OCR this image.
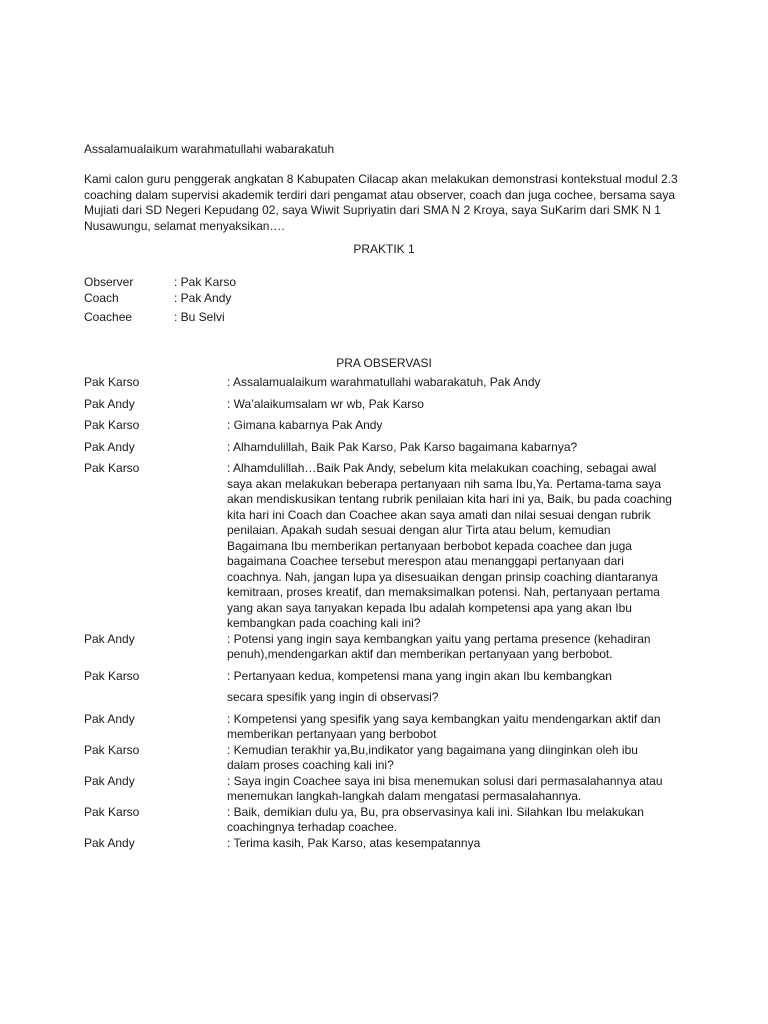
Assalamualaikum warahmatullahi wabarakatuh
Kami calon guru penggerak angkatan 8 Kabupaten Cilacap akan melakukan demonstrasi kontekstual modul 2.3 coaching dalam supervisi akademik terdiri dari pengamat atau observer, coach dan juga cochee, bersama saya Mujiati dari SD Negeri Kepudang 02, saya Wiwit Supriyatin dari SMA N 2 Kroya, saya SuKarim dari SMK N 1 Nusawungu, selamat menyaksikan….
PRAKTIK 1
Observer	: Pak Karso
Coach	: Pak Andy
Coachee	: Bu Selvi
PRA OBSERVASI
Pak Karso	: Assalamualaikum warahmatullahi wabarakatuh, Pak Andy
Pak Andy	: Wa’alaikumsalam wr wb, Pak Karso
Pak Karso	: Gimana kabarnya Pak Andy
Pak Andy	: Alhamdulillah, Baik Pak Karso, Pak Karso bagaimana kabarnya?
Pak Karso	: Alhamdulillah…Baik Pak Andy, sebelum kita melakukan coaching, sebagai awal saya akan melakukan beberapa pertanyaan nih sama Ibu,Ya. Pertama-tama saya akan mendiskusikan tentang rubrik penilaian kita hari ini ya, Baik, bu pada coaching kita hari ini Coach dan Coachee akan saya amati dan nilai sesuai dengan rubrik penilaian. Apakah sudah sesuai dengan alur Tirta atau belum, kemudian Bagaimana Ibu memberikan pertanyaan berbobot kepada coachee dan juga bagaimana Coachee tersebut merespon atau menanggapi pertanyaan dari coachnya. Nah, jangan lupa ya disesuaikan dengan prinsip coaching diantaranya kemitraan, proses kreatif, dan memaksimalkan potensi. Nah, pertanyaan pertama yang akan saya tanyakan kepada Ibu adalah kompetensi apa yang akan Ibu kembangkan pada coaching kali ini?
Pak Andy	: Potensi yang ingin saya kembangkan yaitu yang pertama presence (kehadiran penuh),mendengarkan aktif dan memberikan pertanyaan yang berbobot.
Pak Karso	: Pertanyaan kedua, kompetensi mana yang ingin akan Ibu kembangkan
secara spesifik yang ingin di observasi?
Pak Andy	: Kompetensi yang spesifik yang saya kembangkan yaitu mendengarkan aktif dan memberikan pertanyaan yang berbobot
Pak Karso	: Kemudian terakhir ya,Bu,indikator yang bagaimana yang diinginkan oleh ibu dalam proses coaching kali ini?
Pak Andy	: Saya ingin Coachee saya ini bisa menemukan solusi dari permasalahannya atau menemukan langkah-langkah dalam mengatasi permasalahannya.
Pak Karso	: Baik, demikian dulu ya, Bu, pra observasinya kali ini. Silahkan Ibu melakukan coachingnya terhadap coachee.
Pak Andy	: Terima kasih, Pak Karso, atas kesempatannya
